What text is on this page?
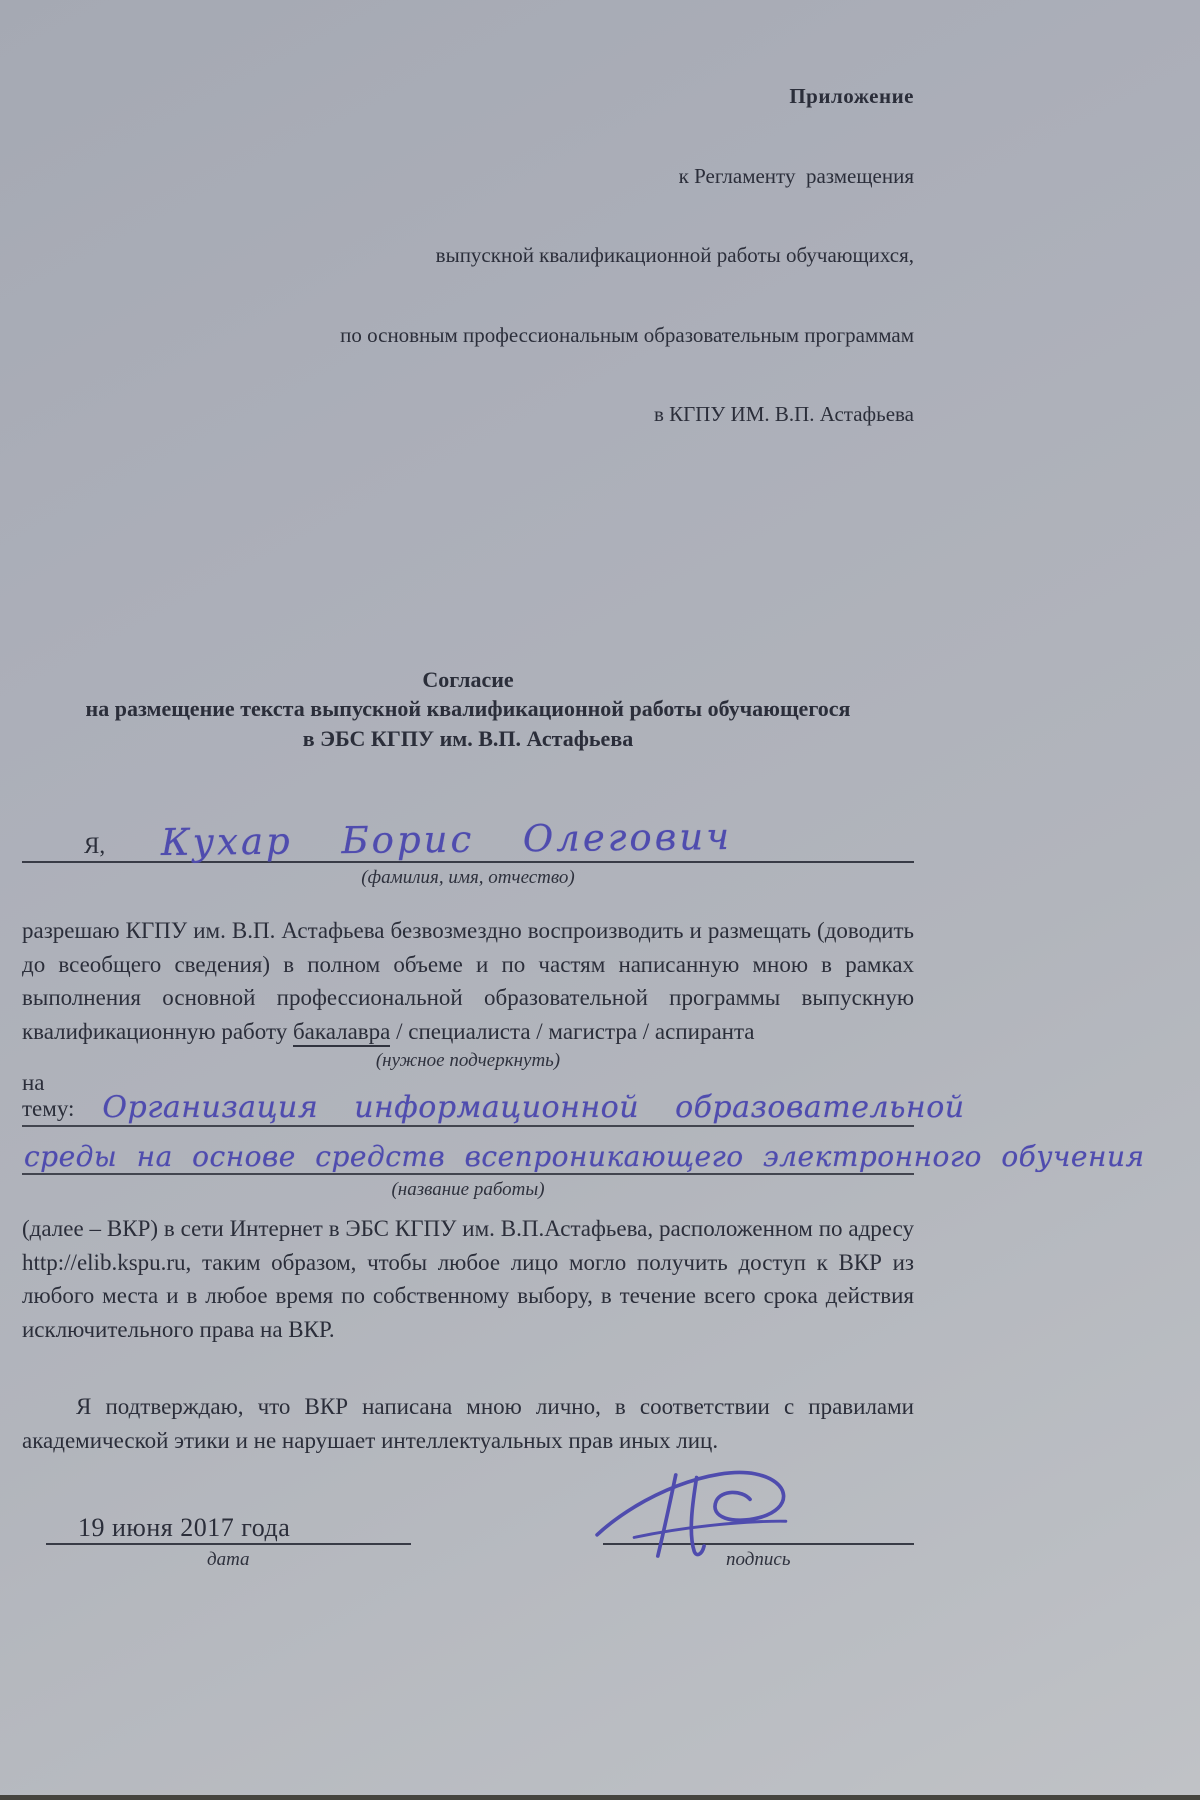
Приложение

к Регламенту  размещения

выпускной квалификационной работы обучающихся,

по основным профессиональным образовательным программам

в КГПУ ИМ. В.П. Астафьева

Согласие
на размещение текста выпускной квалификационной работы обучающегося
в ЭБС КГПУ им. В.П. Астафьева
Я, Кухар Борис Олегович
(фамилия, имя, отчество)
разрешаю КГПУ им. В.П. Астафьева безвозмездно воспроизводить и размещать (доводить до всеобщего сведения) в полном объеме и по частям написанную мною в рамках выполнения основной профессиональной образовательной программы выпускную квалификационную работу бакалавра / специалиста / магистра / аспиранта
(нужное подчеркнуть)
на тему: Организация информационной образовательной
среды на основе средств всепроникающего электронного обучения
(название работы)
(далее – ВКР) в сети Интернет в ЭБС КГПУ им. В.П.Астафьева, расположенном по адресу http://elib.kspu.ru, таким образом, чтобы любое лицо могло получить доступ к ВКР из любого места и в любое время по собственному выбору, в течение всего срока действия исключительного права на ВКР.
Я подтверждаю, что ВКР написана мною лично, в соответствии с правилами академической этики и не нарушает интеллектуальных прав иных лиц.
19 июня 2017 года
дата	подпись
